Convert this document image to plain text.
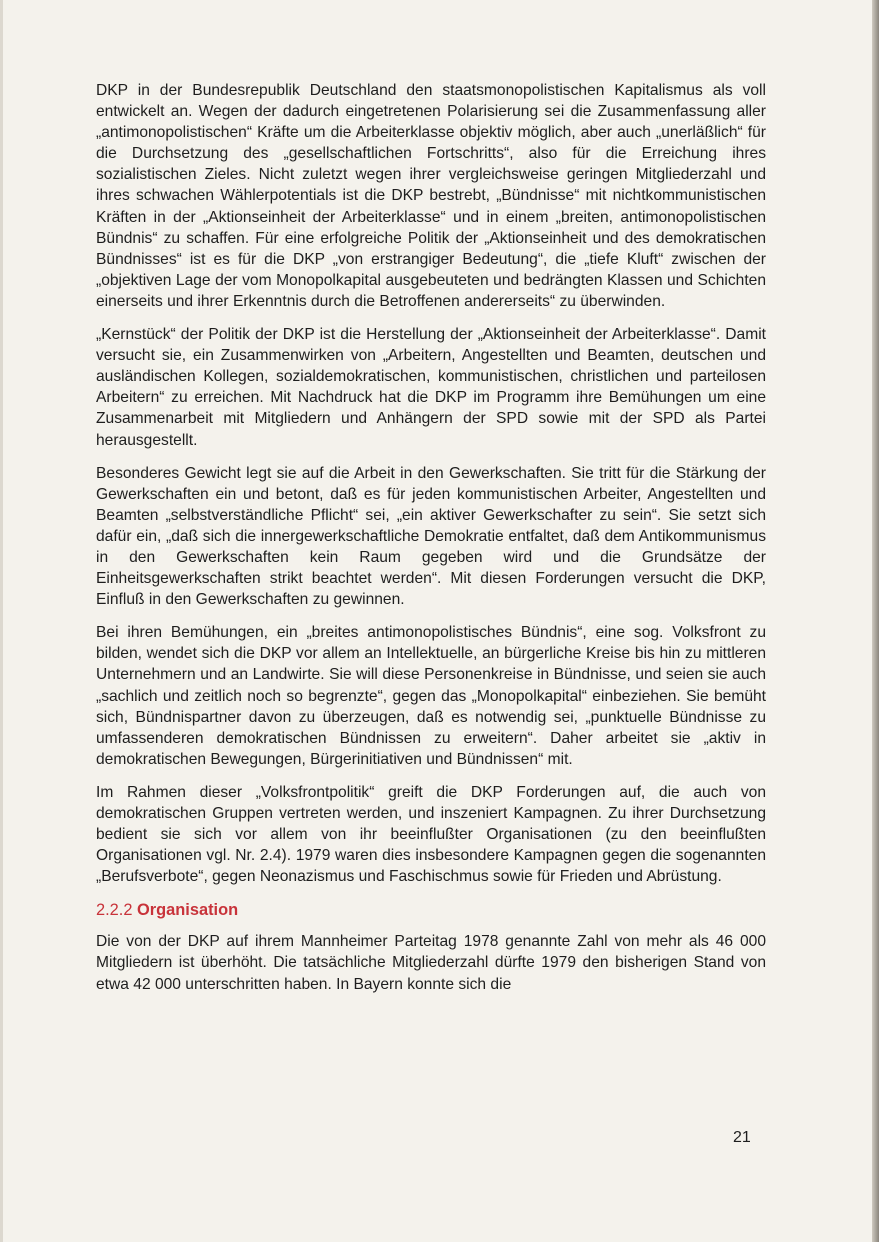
DKP in der Bundesrepublik Deutschland den staatsmonopolistischen Kapitalismus als voll entwickelt an. Wegen der dadurch eingetretenen Polarisierung sei die Zusammenfassung aller „antimonopolistischen“ Kräfte um die Arbeiterklasse objektiv möglich, aber auch „unerläßlich“ für die Durchsetzung des „gesellschaftlichen Fortschritts“, also für die Erreichung ihres sozialistischen Zieles. Nicht zuletzt wegen ihrer vergleichsweise geringen Mitgliederzahl und ihres schwachen Wählerpotentials ist die DKP bestrebt, „Bündnisse“ mit nichtkommunistischen Kräften in der „Aktionseinheit der Arbeiterklasse“ und in einem „breiten, antimonopolistischen Bündnis“ zu schaffen. Für eine erfolgreiche Politik der „Aktionseinheit und des demokratischen Bündnisses“ ist es für die DKP „von erstrangiger Bedeutung“, die „tiefe Kluft“ zwischen der „objektiven Lage der vom Monopolkapital ausgebeuteten und bedrängten Klassen und Schichten einerseits und ihrer Erkenntnis durch die Betroffenen andererseits“ zu überwinden.

„Kernstück“ der Politik der DKP ist die Herstellung der „Aktionseinheit der Arbeiterklasse“. Damit versucht sie, ein Zusammenwirken von „Arbeitern, Angestellten und Beamten, deutschen und ausländischen Kollegen, sozialdemokratischen, kommunistischen, christlichen und parteilosen Arbeitern“ zu erreichen. Mit Nachdruck hat die DKP im Programm ihre Bemühungen um eine Zusammenarbeit mit Mitgliedern und Anhängern der SPD sowie mit der SPD als Partei herausgestellt.

Besonderes Gewicht legt sie auf die Arbeit in den Gewerkschaften. Sie tritt für die Stärkung der Gewerkschaften ein und betont, daß es für jeden kommunistischen Arbeiter, Angestellten und Beamten „selbstverständliche Pflicht“ sei, „ein aktiver Gewerkschafter zu sein“. Sie setzt sich dafür ein, „daß sich die innergewerkschaftliche Demokratie entfaltet, daß dem Antikommunismus in den Gewerkschaften kein Raum gegeben wird und die Grundsätze der Einheitsgewerkschaften strikt beachtet werden“. Mit diesen Forderungen versucht die DKP, Einfluß in den Gewerkschaften zu gewinnen.

Bei ihren Bemühungen, ein „breites antimonopolistisches Bündnis“, eine sog. Volksfront zu bilden, wendet sich die DKP vor allem an Intellektuelle, an bürgerliche Kreise bis hin zu mittleren Unternehmern und an Landwirte. Sie will diese Personenkreise in Bündnisse, und seien sie auch „sachlich und zeitlich noch so begrenzte“, gegen das „Monopolkapital“ einbeziehen. Sie bemüht sich, Bündnispartner davon zu überzeugen, daß es notwendig sei, „punktuelle Bündnisse zu umfassenderen demokratischen Bündnissen zu erweitern“. Daher arbeitet sie „aktiv in demokratischen Bewegungen, Bürgerinitiativen und Bündnissen“ mit.

Im Rahmen dieser „Volksfrontpolitik“ greift die DKP Forderungen auf, die auch von demokratischen Gruppen vertreten werden, und inszeniert Kampagnen. Zu ihrer Durchsetzung bedient sie sich vor allem von ihr beeinflußter Organisationen (zu den beeinflußten Organisationen vgl. Nr. 2.4). 1979 waren dies insbesondere Kampagnen gegen die sogenannten „Berufsverbote“, gegen Neonazismus und Faschischmus sowie für Frieden und Abrüstung.

2.2.2 Organisation

Die von der DKP auf ihrem Mannheimer Parteitag 1978 genannte Zahl von mehr als 46 000 Mitgliedern ist überhöht. Die tatsächliche Mitgliederzahl dürfte 1979 den bisherigen Stand von etwa 42 000 unterschritten haben. In Bayern konnte sich die

21
